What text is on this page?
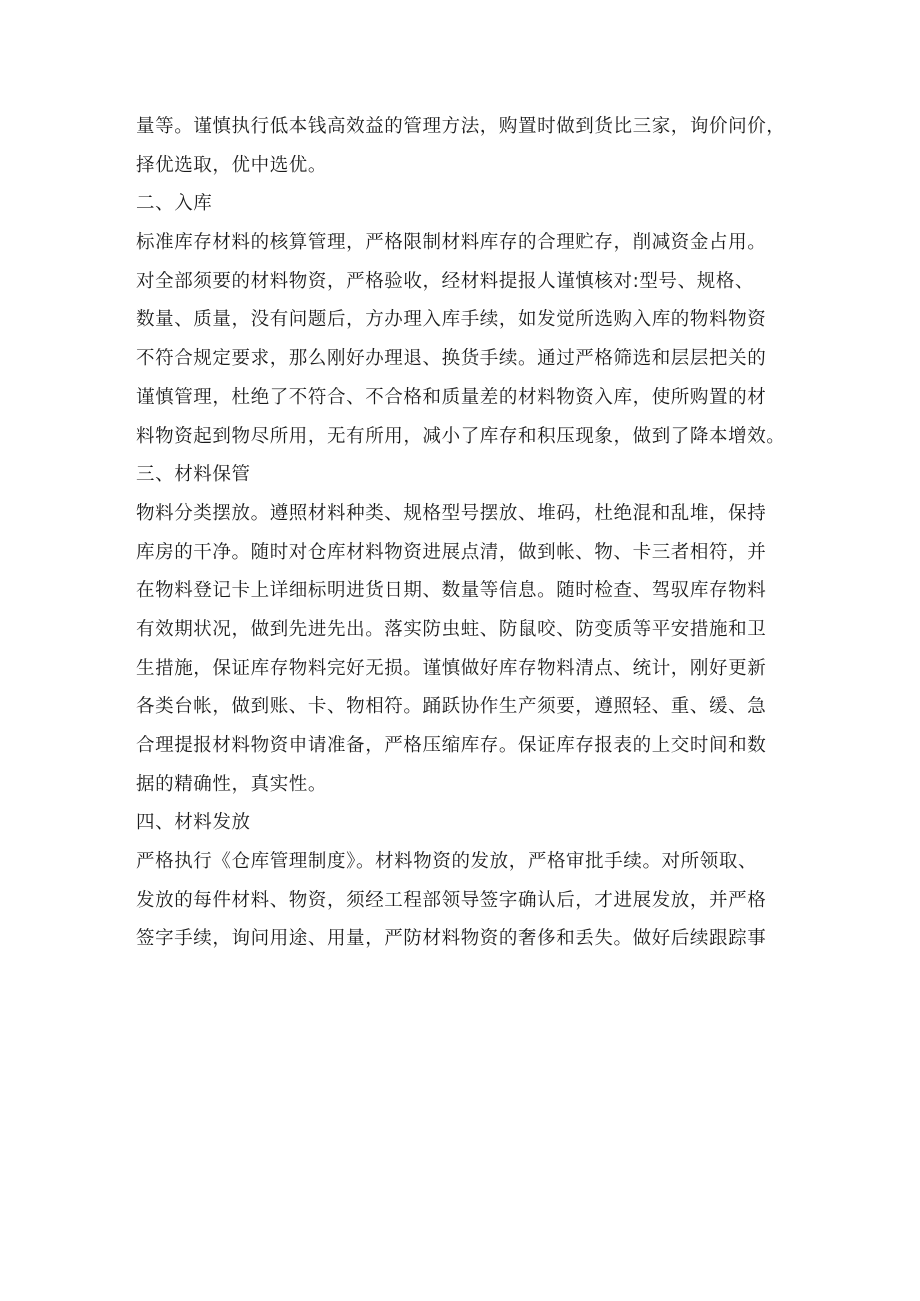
量等。谨慎执行低本钱高效益的管理方法，购置时做到货比三家，询价问价，
择优选取，优中选优。
二、入库
标准库存材料的核算管理，严格限制材料库存的合理贮存，削减资金占用。
对全部须要的材料物资，严格验收，经材料提报人谨慎核对:型号、规格、
数量、质量，没有问题后，方办理入库手续，如发觉所选购入库的物料物资
不符合规定要求，那么刚好办理退、换货手续。通过严格筛选和层层把关的
谨慎管理，杜绝了不符合、不合格和质量差的材料物资入库，使所购置的材
料物资起到物尽所用，无有所用，减小了库存和积压现象，做到了降本增效。
三、材料保管
物料分类摆放。遵照材料种类、规格型号摆放、堆码，杜绝混和乱堆，保持
库房的干净。随时对仓库材料物资进展点清，做到帐、物、卡三者相符，并
在物料登记卡上详细标明进货日期、数量等信息。随时检查、驾驭库存物料
有效期状况，做到先进先出。落实防虫蛀、防鼠咬、防变质等平安措施和卫
生措施，保证库存物料完好无损。谨慎做好库存物料清点、统计，刚好更新
各类台帐，做到账、卡、物相符。踊跃协作生产须要，遵照轻、重、缓、急
合理提报材料物资申请准备，严格压缩库存。保证库存报表的上交时间和数
据的精确性，真实性。
四、材料发放
严格执行《仓库管理制度》。材料物资的发放，严格审批手续。对所领取、
发放的每件材料、物资，须经工程部领导签字确认后，才进展发放，并严格
签字手续，询问用途、用量，严防材料物资的奢侈和丢失。做好后续跟踪事
